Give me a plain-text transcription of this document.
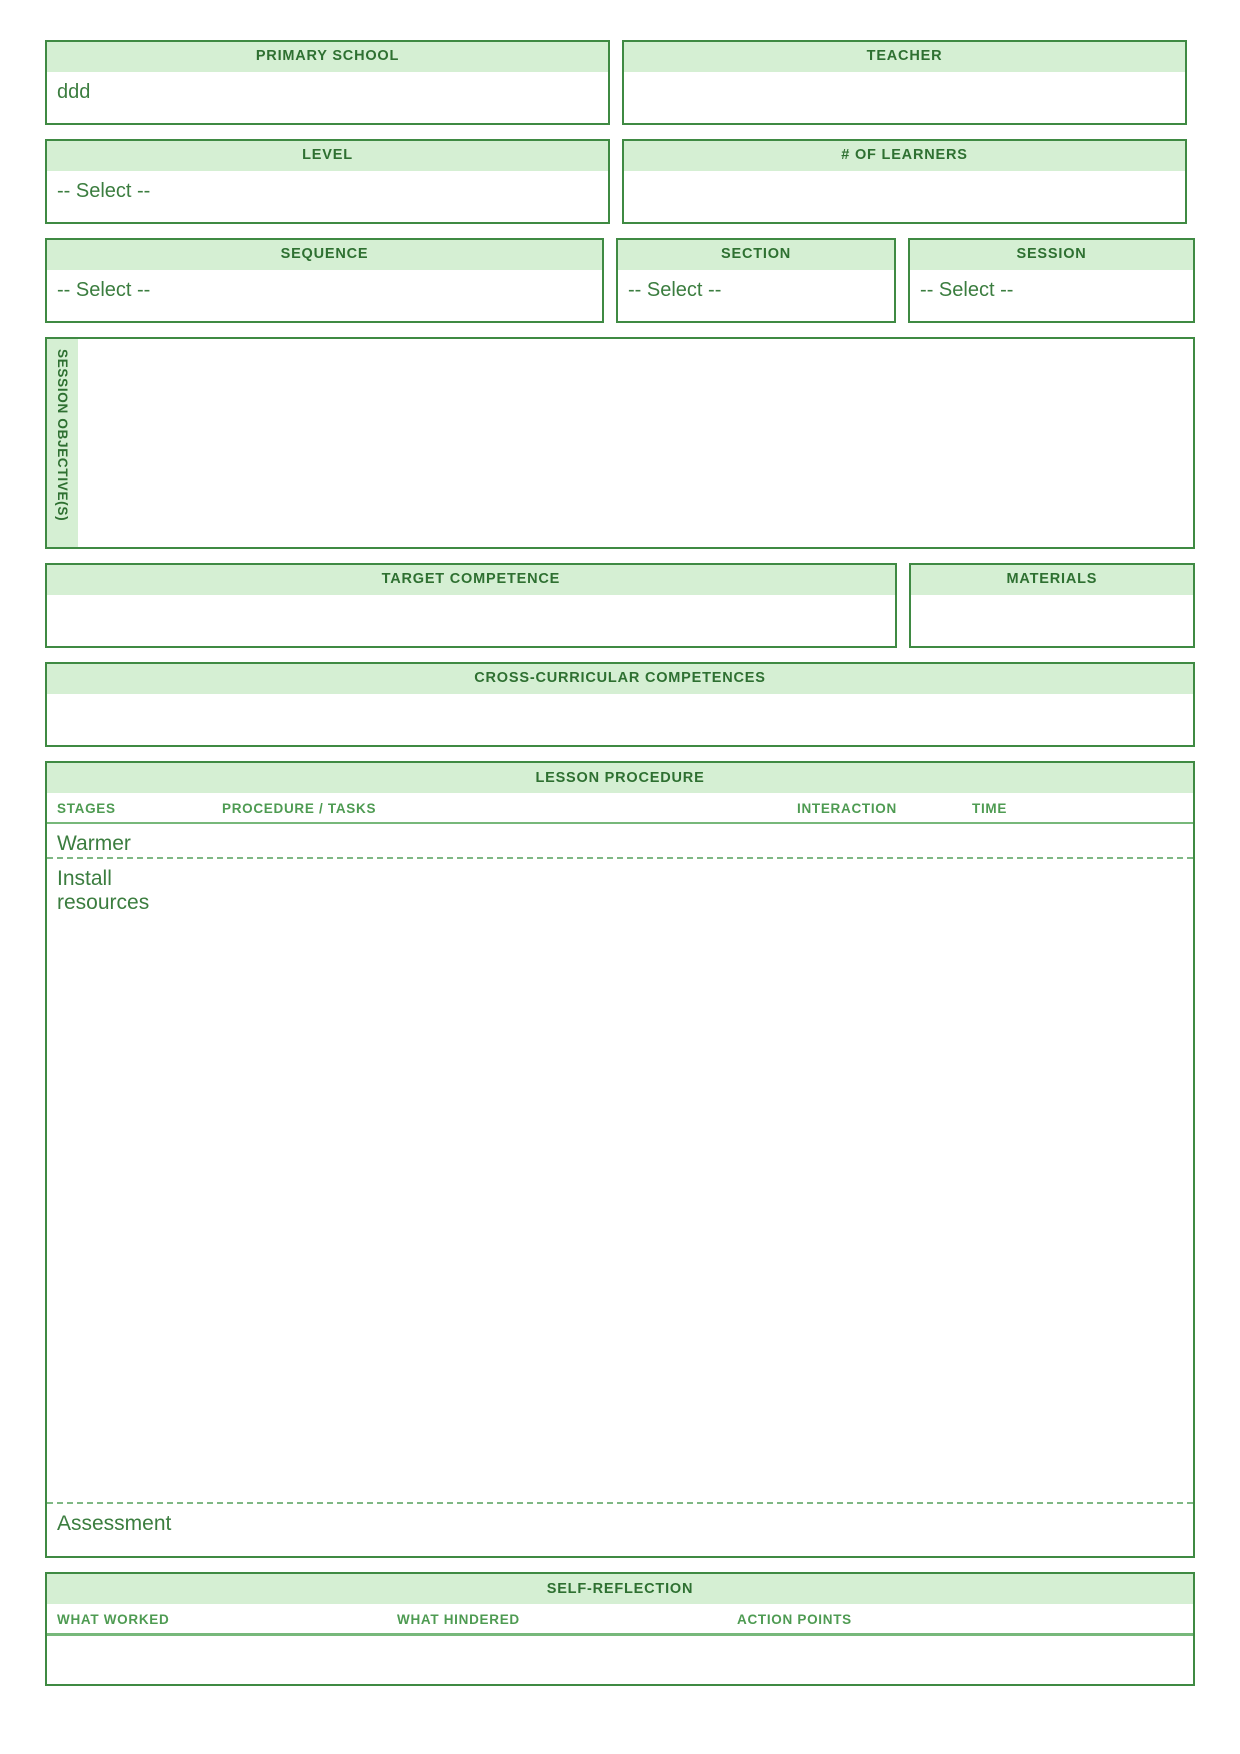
PRIMARY SCHOOL
ddd
TEACHER
LEVEL
-- Select --
# OF LEARNERS
SEQUENCE
-- Select --
SECTION
-- Select --
SESSION
-- Select --
SESSION OBJECTIVE(S)
TARGET COMPETENCE	MATERIALS
CROSS-CURRICULAR COMPETENCES
LESSON PROCEDURE
STAGES	PROCEDURE / TASKS	INTERACTION	TIME
Warmer
Install
resources
Assessment
SELF-REFLECTION
WHAT WORKED	WHAT HINDERED	ACTION POINTS
